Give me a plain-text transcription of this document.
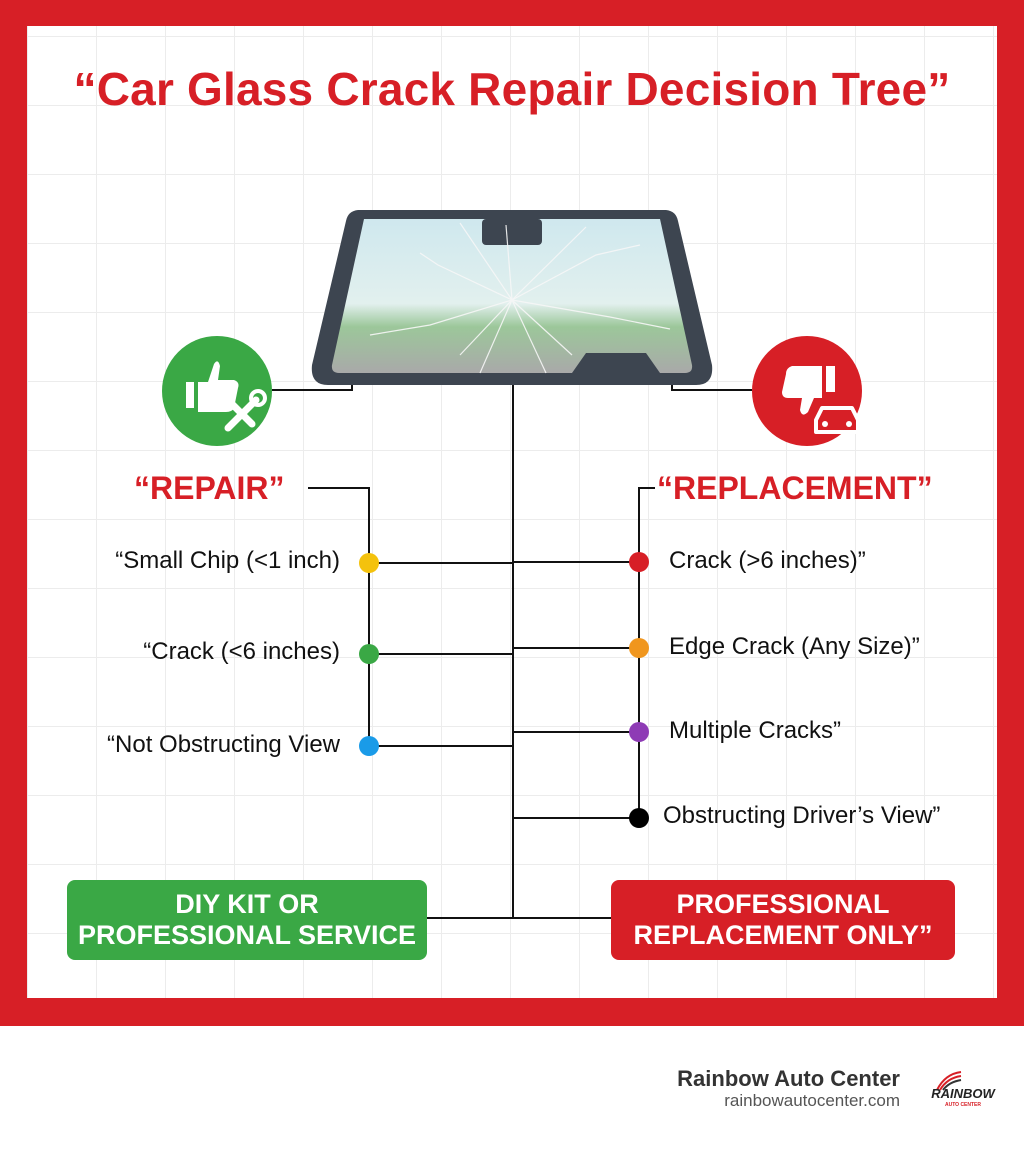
“Car Glass Crack Repair Decision Tree”
“REPAIR”	“REPLACEMENT”
“Small Chip (<1 inch)
“Crack (<6 inches)
“Not Obstructing View
Crack (>6 inches)”
Edge Crack (Any Size)”
Multiple Cracks”
Obstructing Driver’s View”
DIY KIT OR
PROFESSIONAL SERVICE
PROFESSIONAL
REPLACEMENT ONLY”
Rainbow Auto Center
rainbowautocenter.com RAINBOW
AUTO CENTER
